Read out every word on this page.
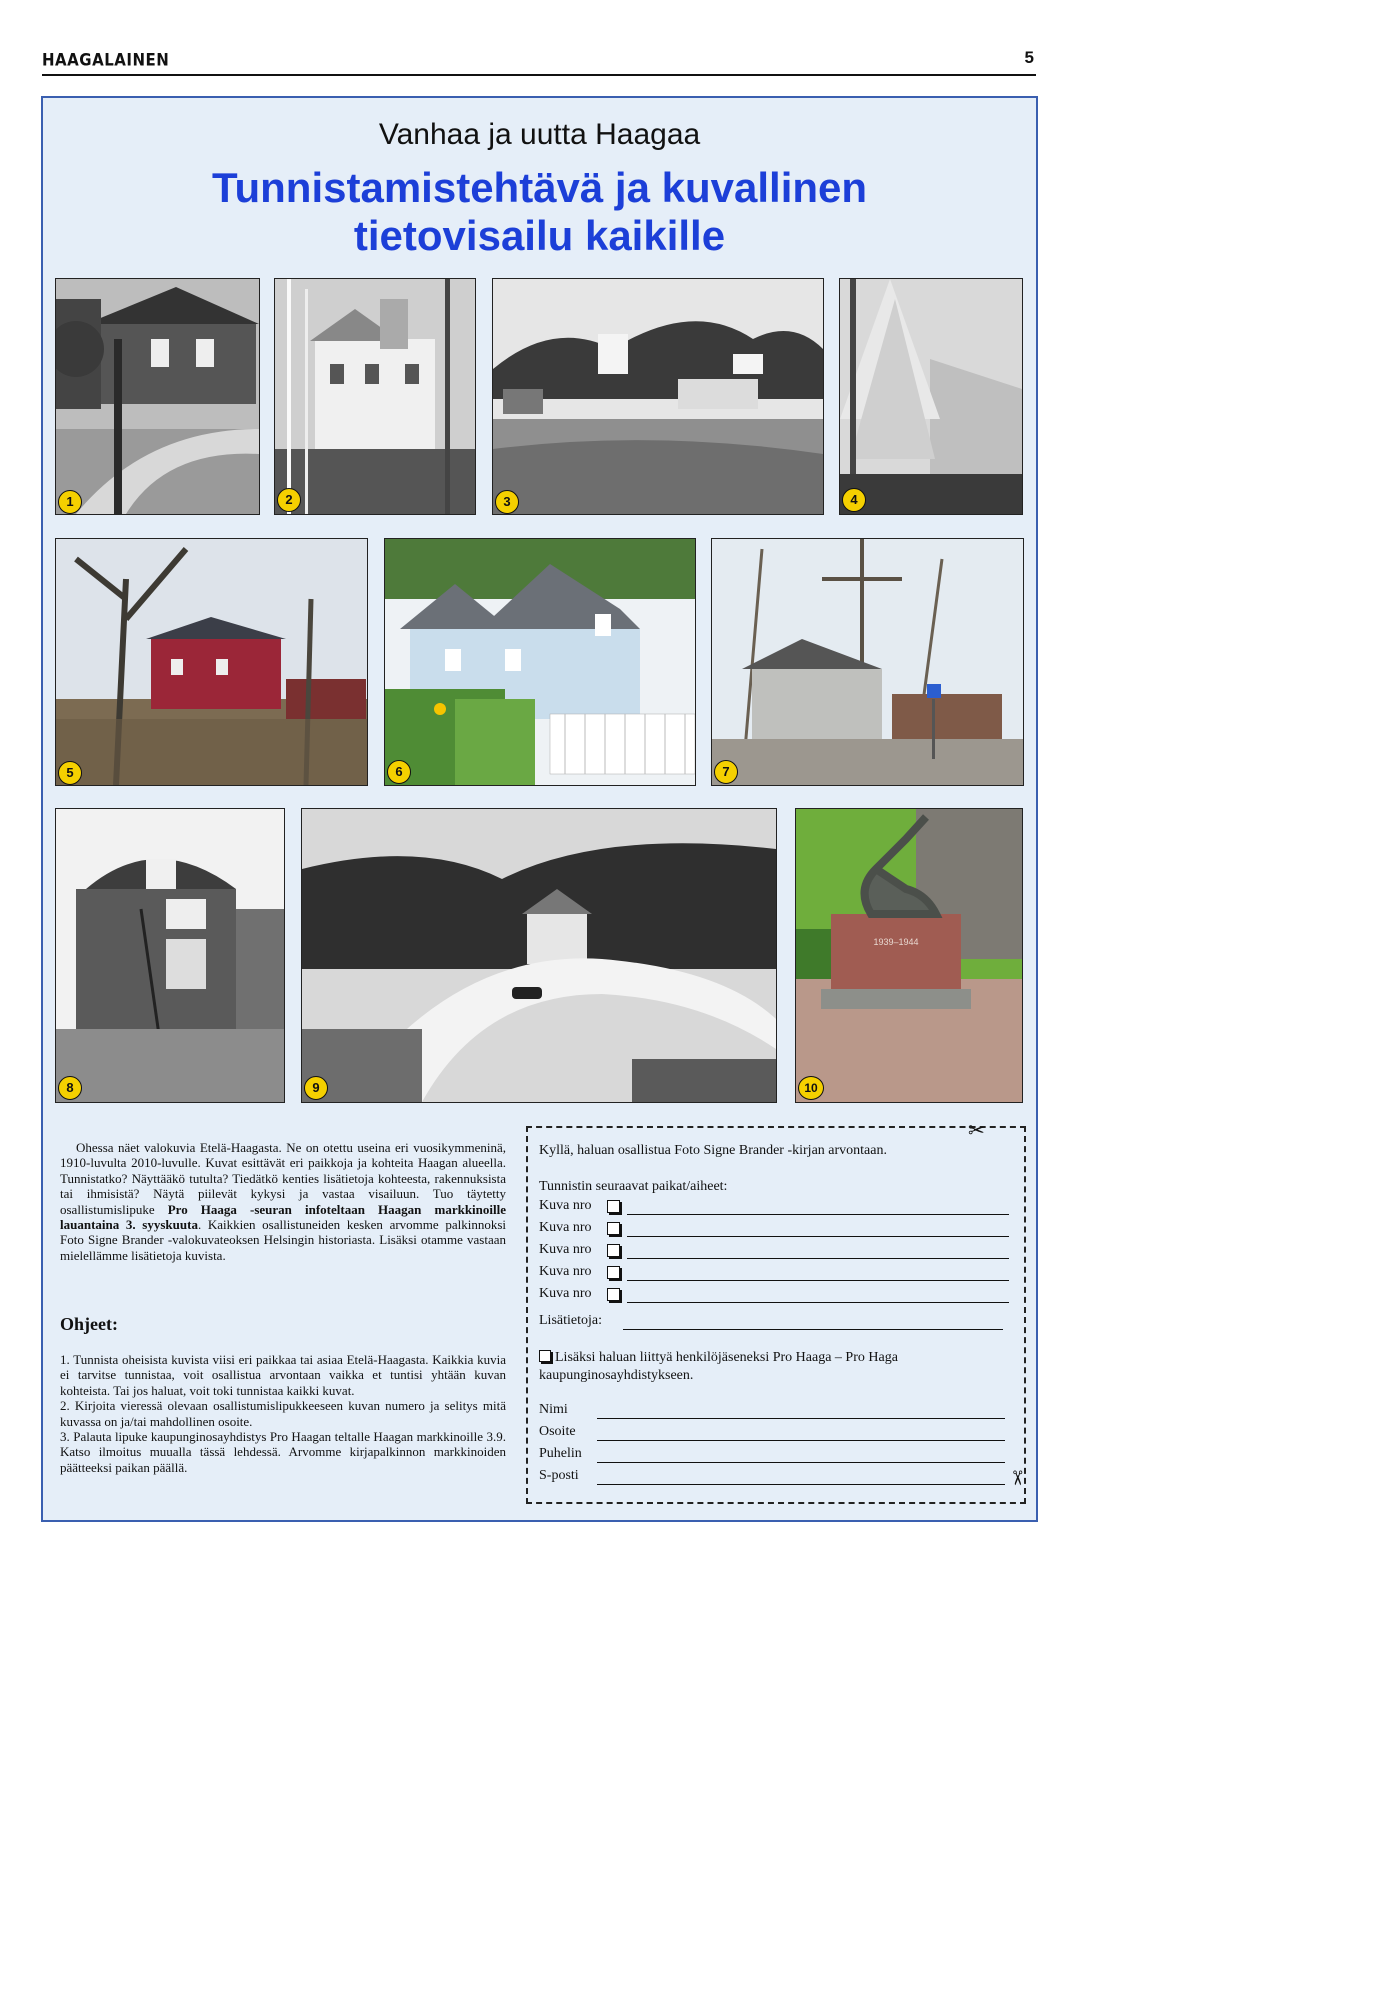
HAAGALAINEN	5
Vanhaa ja uutta Haagaa
Tunnistamistehtävä ja kuvallinen
tietovisailu kaikille
1939–1944
1	2	3	4
5	6	7
8	9	10

Ohessa näet valokuvia Etelä-Haagasta. Ne on otettu useina eri vuosikymmeninä, 1910-luvulta 2010-luvulle. Kuvat esittävät eri paikkoja ja kohteita Haagan alueella. Tunnistatko? Näyttääkö tutulta? Tiedätkö kenties lisätietoja kohteesta, rakennuksista tai ihmisistä? Näytä piilevät kykysi ja vastaa visailuun. Tuo täytetty osallistumislipuke Pro Haaga -seuran infoteltaan Haagan markkinoille lauantaina 3. syyskuuta. Kaikkien osallistuneiden kesken arvomme palkinnoksi Foto Signe Brander -valokuvateoksen Helsingin historiasta. Lisäksi otamme vastaan mielellämme lisätietoja kuvista.

Ohjeet:
1. Tunnista oheisista kuvista viisi eri paikkaa tai asiaa Etelä-Haagasta. Kaikkia kuvia ei tarvitse tunnistaa, voit osallistua arvontaan vaikka et tuntisi yhtään kuvan kohteista. Tai jos haluat, voit toki tunnistaa kaikki kuvat.
2. Kirjoita vieressä olevaan osallistumislipukkeeseen kuvan numero ja selitys mitä kuvassa on ja/tai mahdollinen osoite.
3. Palauta lipuke kaupunginosayhdistys Pro Haagan teltalle Haagan markkinoille 3.9. Katso ilmoitus muualla tässä lehdessä. Arvomme kirjapalkinnon markkinoiden päätteeksi paikan päällä.
✂
✂
Kyllä, haluan osallistua Foto Signe Brander -kirjan arvontaan.
Tunnistin seuraavat paikat/aiheet:
Kuva nro
Kuva nro
Kuva nro
Kuva nro
Kuva nro
Lisätietoja:
Lisäksi haluan liittyä henkilöjäseneksi Pro Haaga – Pro Haga kaupunginosayhdistykseen.
Nimi
Osoite
Puhelin
S-posti
